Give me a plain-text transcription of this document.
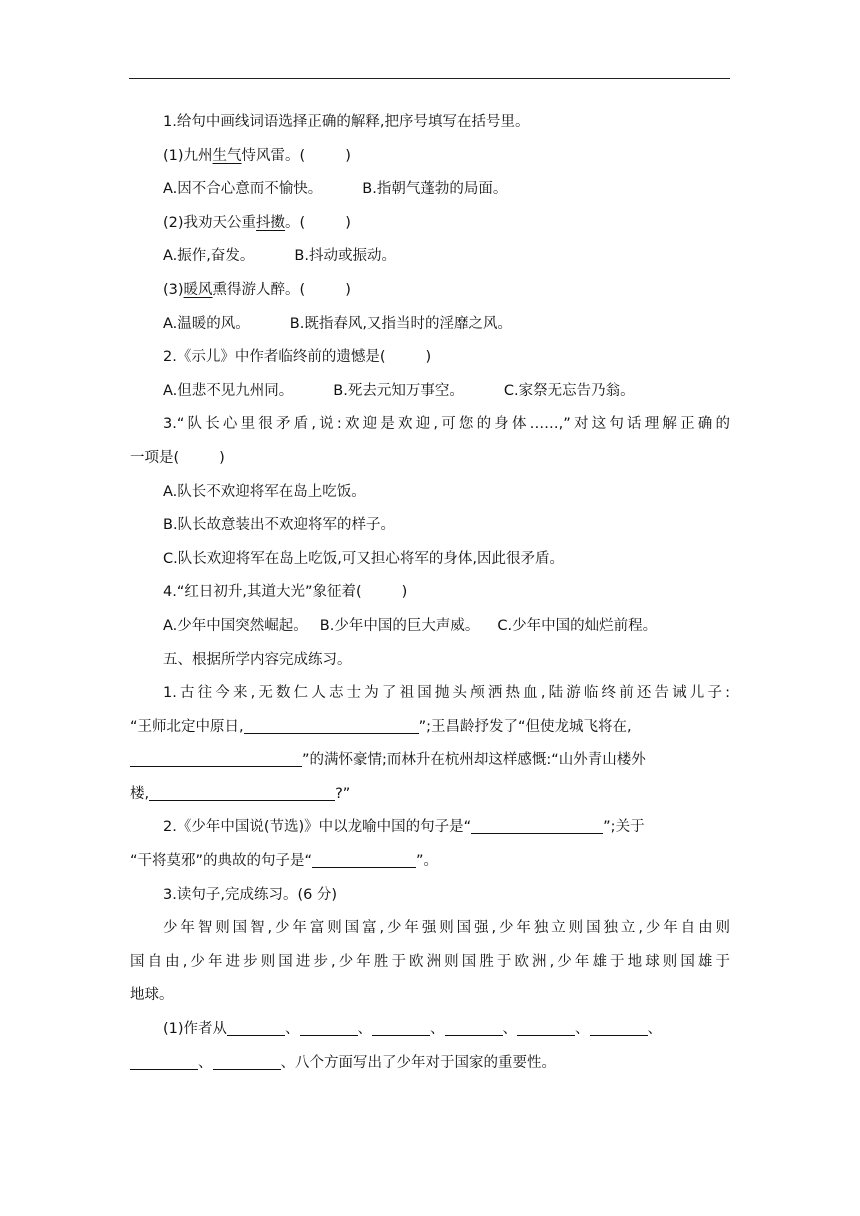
1.给句中画线词语选择正确的解释,把序号填写在括号里。
(1)九州生气恃风雷。(	)
A.因不合心意而不愉快。	B.指朝气蓬勃的局面。
(2)我劝天公重抖擞。(	)
A.振作,奋发。	B.抖动或振动。
(3)暖风熏得游人醉。(	)
A.温暖的风。	B.既指春风,又指当时的淫靡之风。
2.《示儿》中作者临终前的遗憾是(	)
A.但悲不见九州同。	B.死去元知万事空。	C.家祭无忘告乃翁。
3.“队长心里很矛盾,说:欢迎是欢迎,可您的身体……,”对这句话理解正确的
一项是(	)
A.队长不欢迎将军在岛上吃饭。
B.队长故意装出不欢迎将军的样子。
C.队长欢迎将军在岛上吃饭,可又担心将军的身体,因此很矛盾。
4.“红日初升,其道大光”象征着(	)
A.少年中国突然崛起。 B.少年中国的巨大声威。 C.少年中国的灿烂前程。
五、根据所学内容完成练习。
1.古往今来,无数仁人志士为了祖国抛头颅洒热血,陆游临终前还告诫儿子:
“王师北定中原日,	”;王昌龄抒发了“但使龙城飞将在,
”的满怀豪情;而林升在杭州却这样感慨:“山外青山楼外
楼,	?”
2.《少年中国说(节选)》中以龙喻中国的句子是“	”;关于
“干将莫邪”的典故的句子是“	”。
3.读句子,完成练习。(6 分)
少年智则国智,少年富则国富,少年强则国强,少年独立则国独立,少年自由则
国自由,少年进步则国进步,少年胜于欧洲则国胜于欧洲,少年雄于地球则国雄于
地球。
(1)作者从	、	、	、	、	、	、
、	、八个方面写出了少年对于国家的重要性。
